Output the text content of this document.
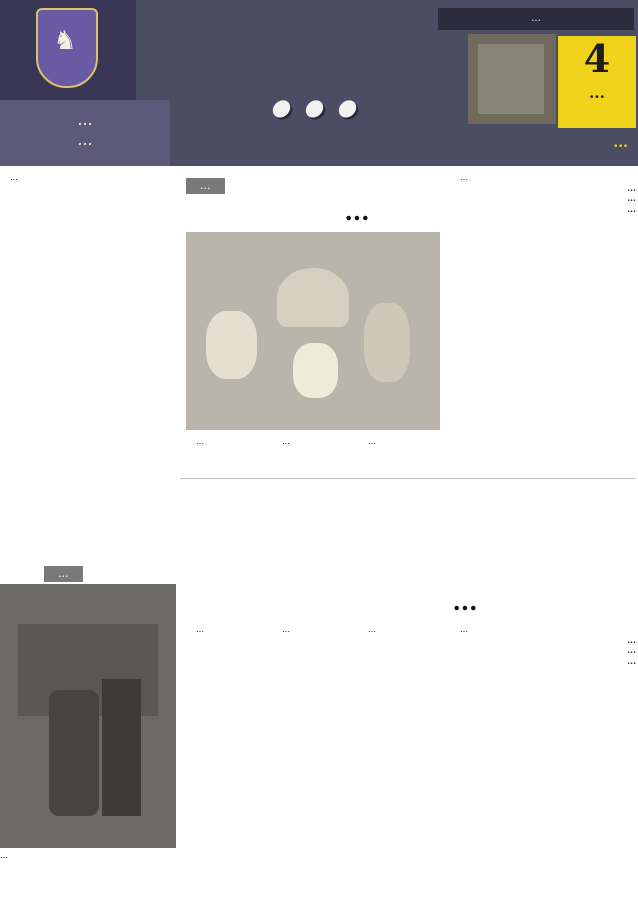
♞
...
...
...
...
4
...
...

...

...
...

...

...
...
...

...	...	...

...
...
...

...	...	...	...

...
...
...
